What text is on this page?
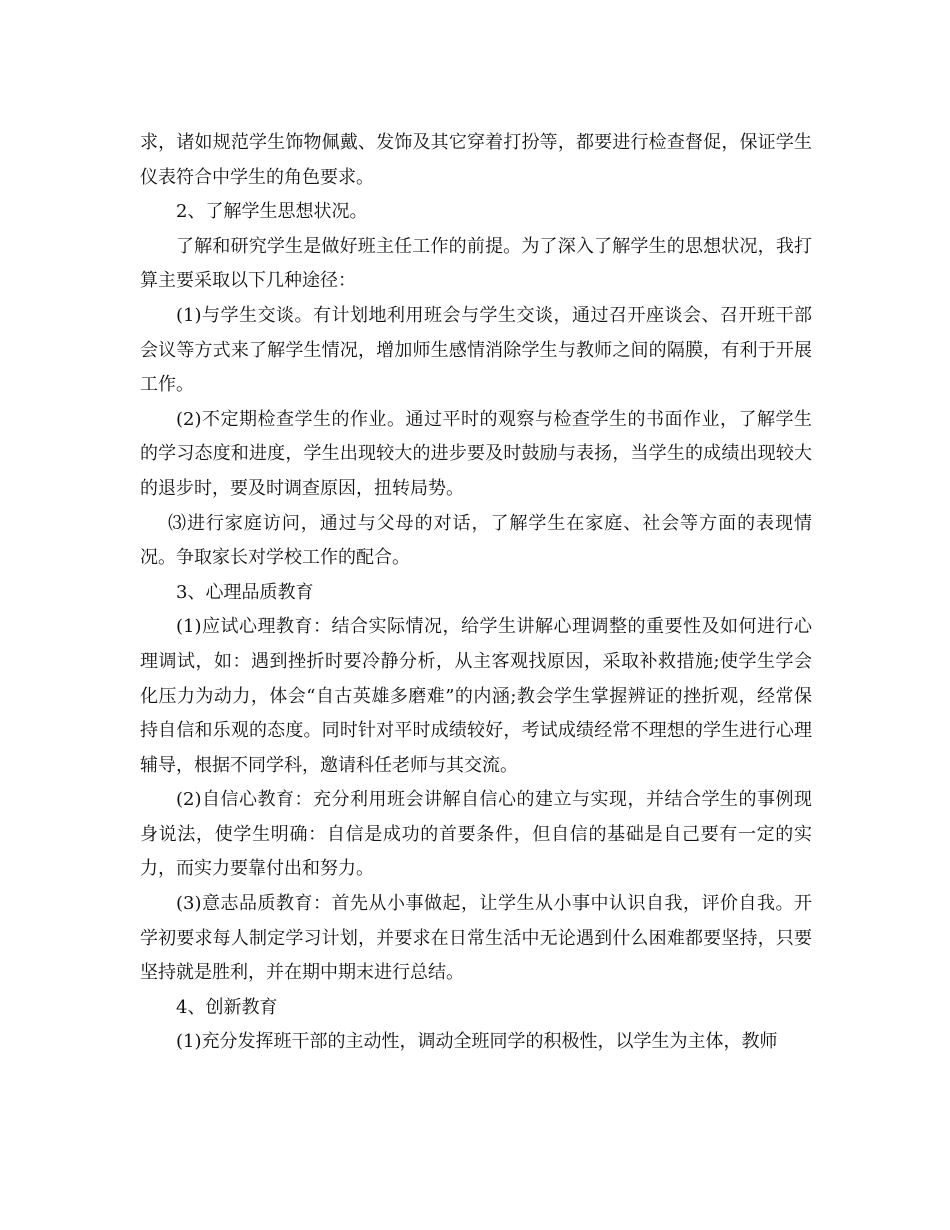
求，诸如规范学生饰物佩戴、发饰及其它穿着打扮等，都要进行检查督促，保证学生仪表符合中学生的角色要求。

2、了解学生思想状况。

了解和研究学生是做好班主任工作的前提。为了深入了解学生的思想状况，我打算主要采取以下几种途径：

(1)与学生交谈。有计划地利用班会与学生交谈，通过召开座谈会、召开班干部会议等方式来了解学生情况，增加师生感情消除学生与教师之间的隔膜，有利于开展工作。

(2)不定期检查学生的作业。通过平时的观察与检查学生的书面作业，了解学生的学习态度和进度，学生出现较大的进步要及时鼓励与表扬，当学生的成绩出现较大的退步时，要及时调查原因，扭转局势。

⑶进行家庭访问，通过与父母的对话，了解学生在家庭、社会等方面的表现情况。争取家长对学校工作的配合。

3、心理品质教育

(1)应试心理教育：结合实际情况，给学生讲解心理调整的重要性及如何进行心理调试，如：遇到挫折时要冷静分析，从主客观找原因，采取补救措施;使学生学会化压力为动力，体会“自古英雄多磨难”的内涵;教会学生掌握辨证的挫折观，经常保持自信和乐观的态度。同时针对平时成绩较好，考试成绩经常不理想的学生进行心理辅导，根据不同学科，邀请科任老师与其交流。

(2)自信心教育：充分利用班会讲解自信心的建立与实现，并结合学生的事例现身说法，使学生明确：自信是成功的首要条件，但自信的基础是自己要有一定的实力，而实力要靠付出和努力。

(3)意志品质教育：首先从小事做起，让学生从小事中认识自我，评价自我。开学初要求每人制定学习计划，并要求在日常生活中无论遇到什么困难都要坚持，只要坚持就是胜利，并在期中期末进行总结。

4、创新教育

(1)充分发挥班干部的主动性，调动全班同学的积极性，以学生为主体，教师
